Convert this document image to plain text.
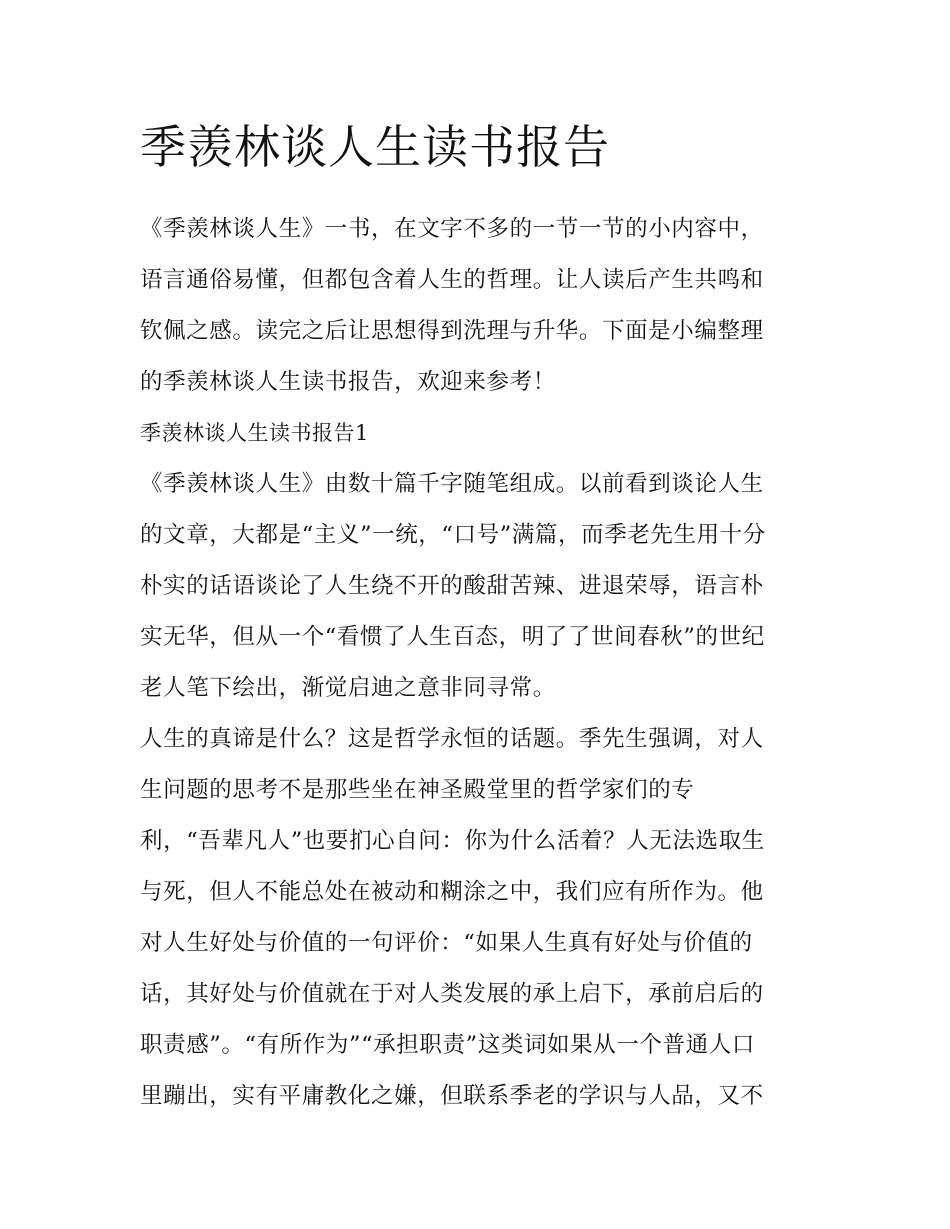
季羡林谈人生读书报告
《季羡林谈人生》一书，在文字不多的一节一节的小内容中，
语言通俗易懂，但都包含着人生的哲理。让人读后产生共鸣和
钦佩之感。读完之后让思想得到洗理与升华。下面是小编整理
的季羡林谈人生读书报告，欢迎来参考！
季羡林谈人生读书报告1
《季羡林谈人生》由数十篇千字随笔组成。以前看到谈论人生
的文章，大都是“主义”一统，“口号”满篇，而季老先生用十分
朴实的话语谈论了人生绕不开的酸甜苦辣、进退荣辱，语言朴
实无华，但从一个“看惯了人生百态，明了了世间春秋”的世纪
老人笔下绘出，渐觉启迪之意非同寻常。
人生的真谛是什么？这是哲学永恒的话题。季先生强调，对人
生问题的思考不是那些坐在神圣殿堂里的哲学家们的专
利，“吾辈凡人”也要扪心自问：你为什么活着？人无法选取生
与死，但人不能总处在被动和糊涂之中，我们应有所作为。他
对人生好处与价值的一句评价：“如果人生真有好处与价值的
话，其好处与价值就在于对人类发展的承上启下，承前启后的
职责感”。“有所作为”“承担职责”这类词如果从一个普通人口
里蹦出，实有平庸教化之嫌，但联系季老的学识与人品，又不
